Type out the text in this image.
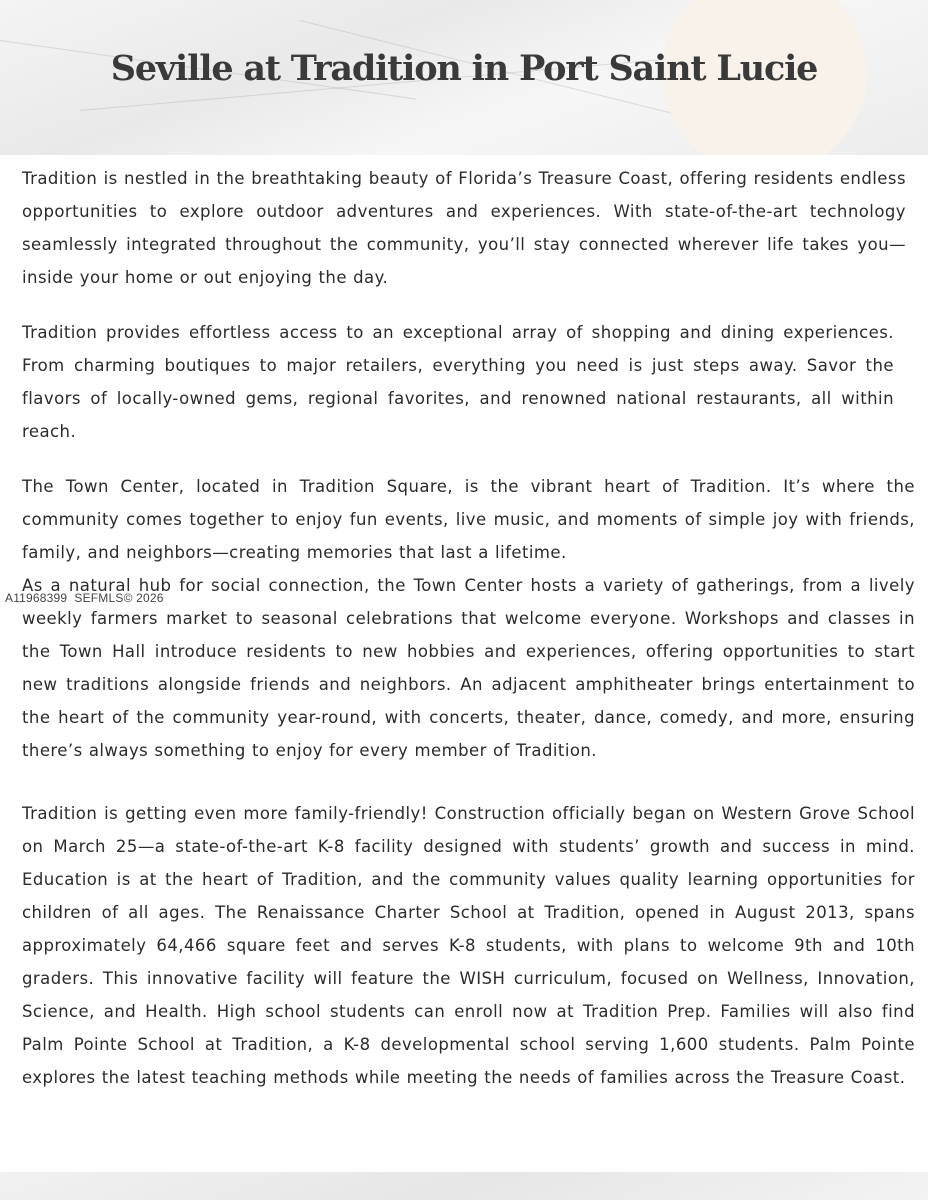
Seville at Tradition in Port Saint Lucie

Tradition is nestled in the breathtaking beauty of Florida’s Treasure Coast, offering residents endless opportunities to explore outdoor adventures and experiences. With state-of-the-art technology seamlessly integrated throughout the community, you’ll stay connected wherever life takes you—inside your home or out enjoying the day.

Tradition provides effortless access to an exceptional array of shopping and dining experiences. From charming boutiques to major retailers, everything you need is just steps away. Savor the flavors of locally-owned gems, regional favorites, and renowned national restaurants, all within reach.

The Town Center, located in Tradition Square, is the vibrant heart of Tradition. It’s where the community comes together to enjoy fun events, live music, and moments of simple joy with friends, family, and neighbors—creating memories that last a lifetime.

As a natural hub for social connection, the Town Center hosts a variety of gatherings, from a lively weekly farmers market to seasonal celebrations that welcome everyone. Workshops and classes in the Town Hall introduce residents to new hobbies and experiences, offering opportunities to start new traditions alongside friends and neighbors. An adjacent amphitheater brings entertainment to the heart of the community year-round, with concerts, theater, dance, comedy, and more, ensuring there’s always something to enjoy for every member of Tradition.

Tradition is getting even more family-friendly! Construction officially began on Western Grove School on March 25—a state-of-the-art K-8 facility designed with students’ growth and success in mind. Education is at the heart of Tradition, and the community values quality learning opportunities for children of all ages. The Renaissance Charter School at Tradition, opened in August 2013, spans approximately 64,466 square feet and serves K-8 students, with plans to welcome 9th and 10th graders. This innovative facility will feature the WISH curriculum, focused on Wellness, Innovation, Science, and Health. High school students can enroll now at Tradition Prep. Families will also find Palm Pointe School at Tradition, a K-8 developmental school serving 1,600 students. Palm Pointe explores the latest teaching methods while meeting the needs of families across the Treasure Coast.

A11968399  SEFMLS© 2026
